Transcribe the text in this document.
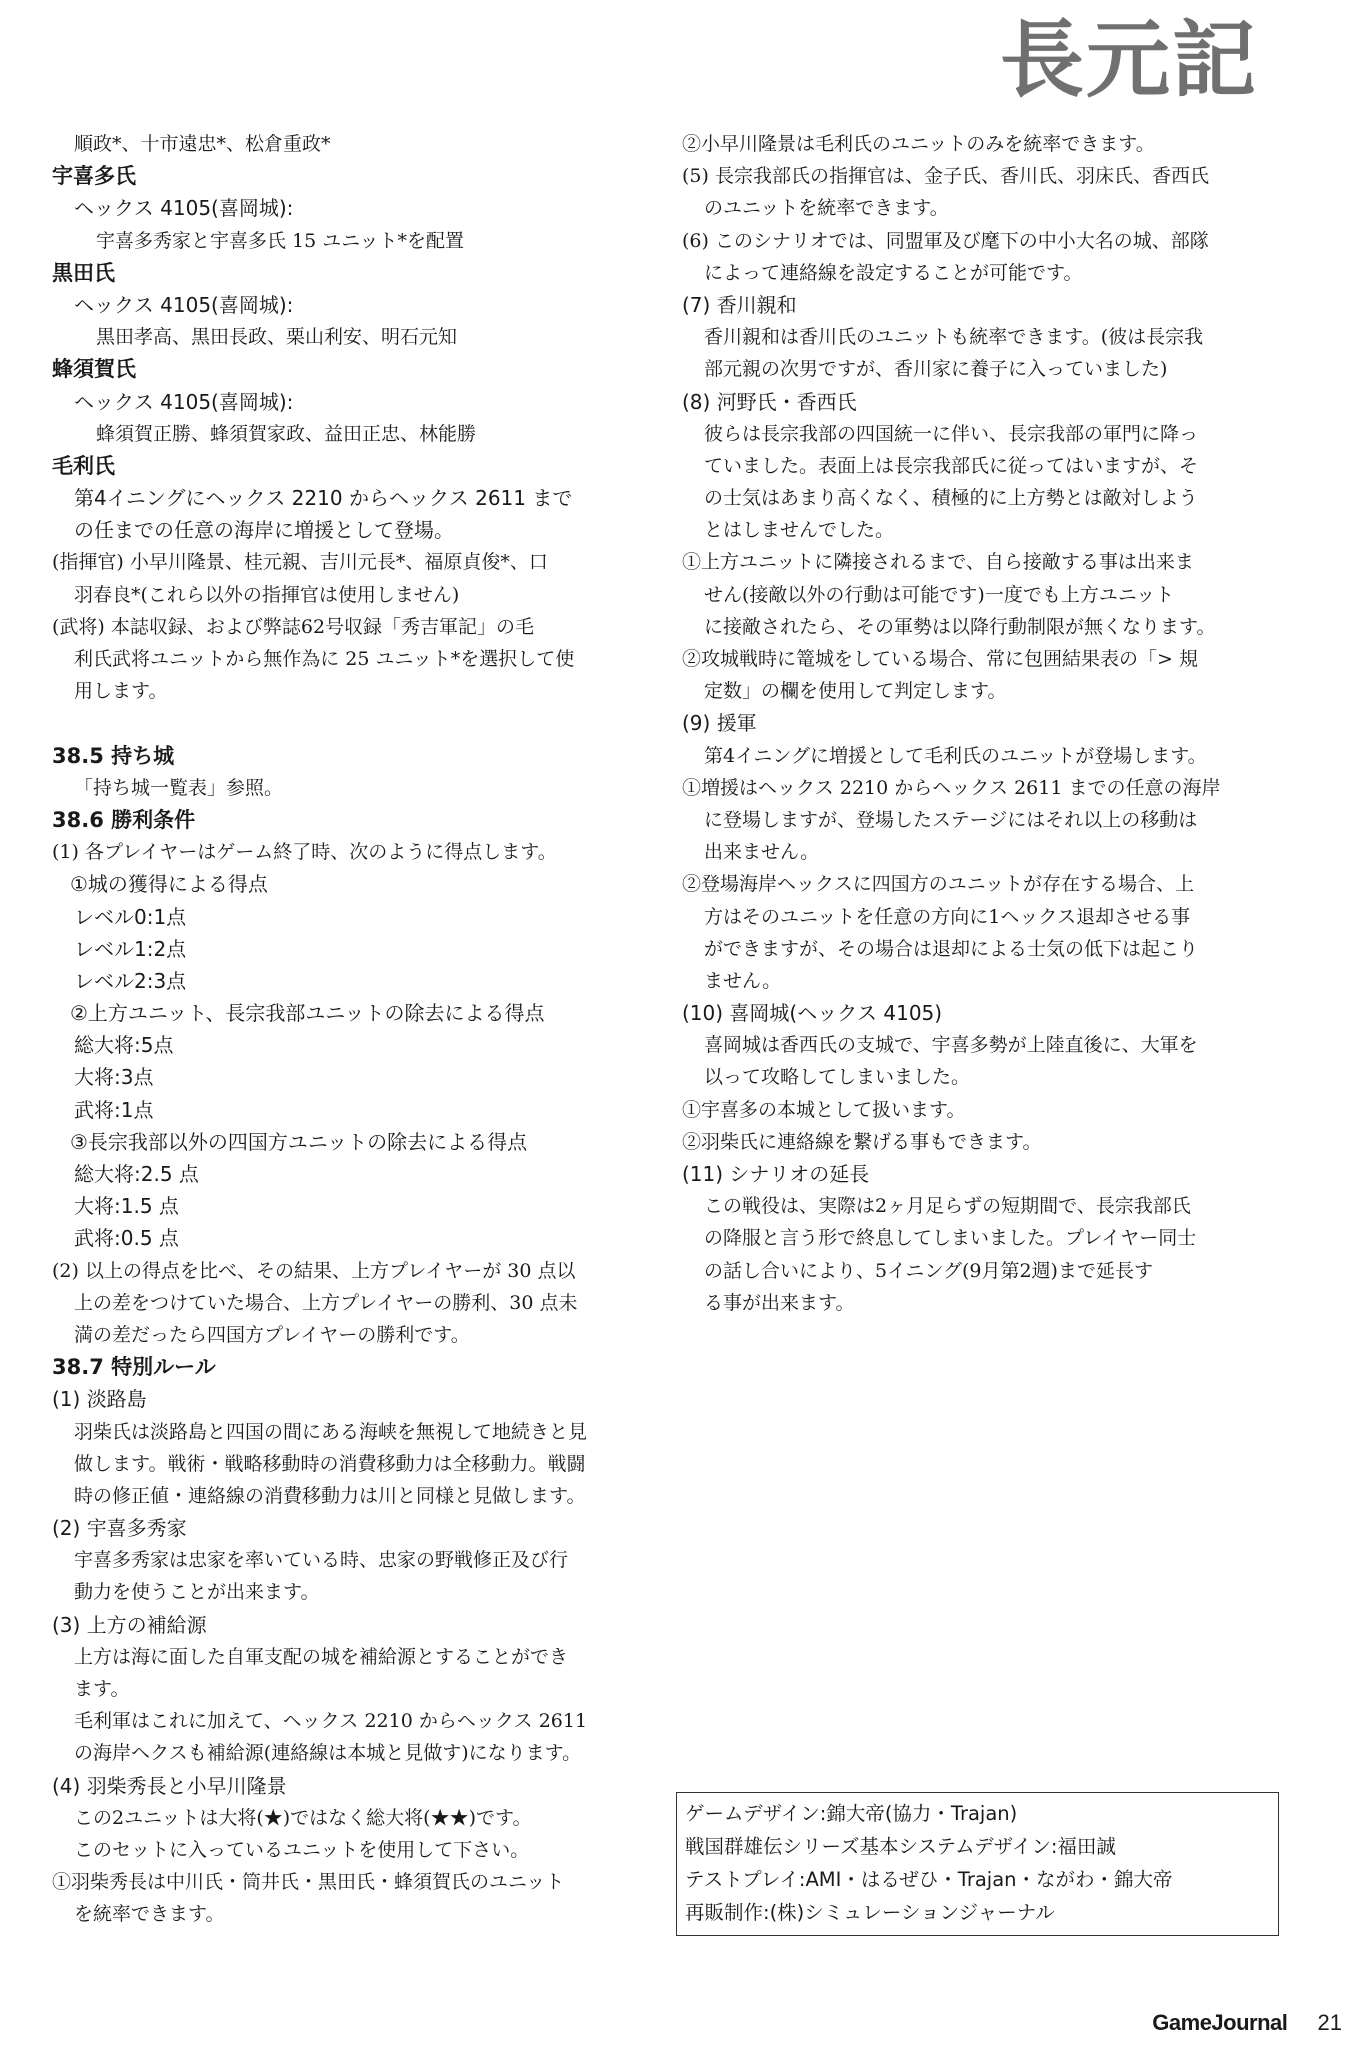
長元記
順政*、十市遠忠*、松倉重政*
宇喜多氏
ヘックス 4105(喜岡城):
宇喜多秀家と宇喜多氏 15 ユニット*を配置
黒田氏
ヘックス 4105(喜岡城):
黒田孝高、黒田長政、栗山利安、明石元知
蜂須賀氏
ヘックス 4105(喜岡城):
蜂須賀正勝、蜂須賀家政、益田正忠、林能勝
毛利氏
第4イニングにヘックス 2210 からヘックス 2611 まで
の任までの任意の海岸に増援として登場。
(指揮官) 小早川隆景、桂元親、吉川元長*、福原貞俊*、口
羽春良*(これら以外の指揮官は使用しません)
(武将) 本誌収録、および弊誌62号収録「秀吉軍記」の毛
利氏武将ユニットから無作為に 25 ユニット*を選択して使
用します。
38.5 持ち城
「持ち城一覧表」参照。
38.6 勝利条件
(1) 各プレイヤーはゲーム終了時、次のように得点します。
①城の獲得による得点
レベル0:1点
レベル1:2点
レベル2:3点
②上方ユニット、長宗我部ユニットの除去による得点
総大将:5点
大将:3点
武将:1点
③長宗我部以外の四国方ユニットの除去による得点
総大将:2.5 点
大将:1.5 点
武将:0.5 点
(2) 以上の得点を比べ、その結果、上方プレイヤーが 30 点以
上の差をつけていた場合、上方プレイヤーの勝利、30 点未
満の差だったら四国方プレイヤーの勝利です。
38.7 特別ルール
(1) 淡路島
羽柴氏は淡路島と四国の間にある海峡を無視して地続きと見
做します。戦術・戦略移動時の消費移動力は全移動力。戦闘
時の修正値・連絡線の消費移動力は川と同様と見做します。
(2) 宇喜多秀家
宇喜多秀家は忠家を率いている時、忠家の野戦修正及び行
動力を使うことが出来ます。
(3) 上方の補給源
上方は海に面した自軍支配の城を補給源とすることができ
ます。
毛利軍はこれに加えて、ヘックス 2210 からヘックス 2611
の海岸ヘクスも補給源(連絡線は本城と見做す)になります。
(4) 羽柴秀長と小早川隆景
この2ユニットは大将(★)ではなく総大将(★★)です。
このセットに入っているユニットを使用して下さい。
①羽柴秀長は中川氏・筒井氏・黒田氏・蜂須賀氏のユニット
を統率できます。
②小早川隆景は毛利氏のユニットのみを統率できます。
(5) 長宗我部氏の指揮官は、金子氏、香川氏、羽床氏、香西氏
のユニットを統率できます。
(6) このシナリオでは、同盟軍及び麾下の中小大名の城、部隊
によって連絡線を設定することが可能です。
(7) 香川親和
香川親和は香川氏のユニットも統率できます。(彼は長宗我
部元親の次男ですが、香川家に養子に入っていました)
(8) 河野氏・香西氏
彼らは長宗我部の四国統一に伴い、長宗我部の軍門に降っ
ていました。表面上は長宗我部氏に従ってはいますが、そ
の士気はあまり高くなく、積極的に上方勢とは敵対しよう
とはしませんでした。
①上方ユニットに隣接されるまで、自ら接敵する事は出来ま
せん(接敵以外の行動は可能です)一度でも上方ユニット
に接敵されたら、その軍勢は以降行動制限が無くなります。
②攻城戦時に篭城をしている場合、常に包囲結果表の「> 規
定数」の欄を使用して判定します。
(9) 援軍
第4イニングに増援として毛利氏のユニットが登場します。
①増援はヘックス 2210 からヘックス 2611 までの任意の海岸
に登場しますが、登場したステージにはそれ以上の移動は
出来ません。
②登場海岸ヘックスに四国方のユニットが存在する場合、上
方はそのユニットを任意の方向に1ヘックス退却させる事
ができますが、その場合は退却による士気の低下は起こり
ません。
(10) 喜岡城(ヘックス 4105)
喜岡城は香西氏の支城で、宇喜多勢が上陸直後に、大軍を
以って攻略してしまいました。
①宇喜多の本城として扱います。
②羽柴氏に連絡線を繋げる事もできます。
(11) シナリオの延長
この戦役は、実際は2ヶ月足らずの短期間で、長宗我部氏
の降服と言う形で終息してしまいました。プレイヤー同士
の話し合いにより、5イニング(9月第2週)まで延長す
る事が出来ます。
ゲームデザイン:錦大帝(協力・Trajan)
戦国群雄伝シリーズ基本システムデザイン:福田誠
テストプレイ:AMI・はるぜひ・Trajan・ながわ・錦大帝
再販制作:(株)シミュレーションジャーナル
GameJournal 21
